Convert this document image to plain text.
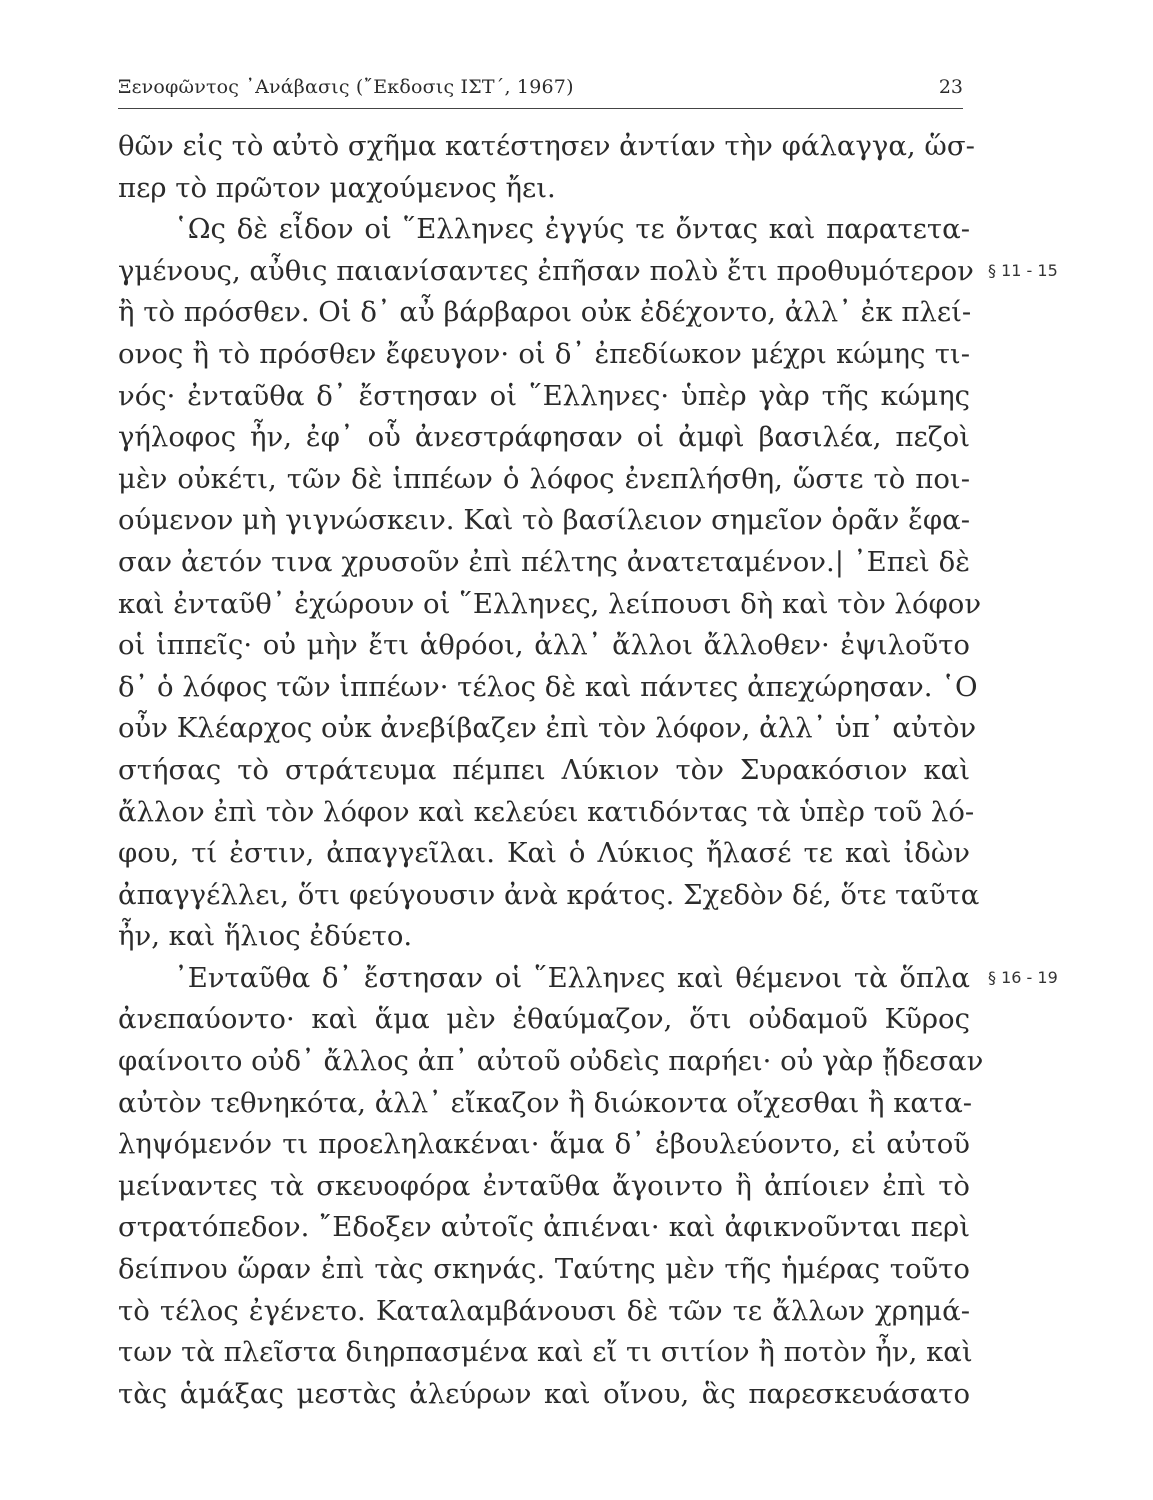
Ξενοφῶντος ᾿Ανάβασις (῎Εκδοσις ΙΣΤ΄, 1967)	23
§ 11 - 15
§ 16 - 19
θῶν εἰς τὸ αὐτὸ σχῆμα κατέστησεν ἀντίαν τὴν φάλαγγα, ὥσ-
περ τὸ πρῶτον μαχούμενος ἤει.
῾Ως δὲ εἶδον οἱ ῞Ελληνες ἐγγύς τε ὄντας καὶ παρατετα-
γμένους, αὖθις παιανίσαντες ἐπῆσαν πολὺ ἔτι προθυμότερον
ἢ τὸ πρόσθεν. Οἱ δ᾿ αὖ βάρβαροι οὐκ ἐδέχοντο, ἀλλ᾿ ἐκ πλεί-
ονος ἢ τὸ πρόσθεν ἔφευγον· οἱ δ᾿ ἐπεδίωκον μέχρι κώμης τι-
νός· ἐνταῦθα δ᾿ ἔστησαν οἱ ῞Ελληνες· ὑπὲρ γὰρ τῆς κώμης
γήλοφος ἦν, ἐφ᾿ οὗ ἀνεστράφησαν οἱ ἀμφὶ βασιλέα, πεζοὶ
μὲν οὐκέτι, τῶν δὲ ἱππέων ὁ λόφος ἐνεπλήσθη, ὥστε τὸ ποι-
ούμενον μὴ γιγνώσκειν. Καὶ τὸ βασίλειον σημεῖον ὁρᾶν ἔφα-
σαν ἀετόν τινα χρυσοῦν ἐπὶ πέλτης ἀνατεταμένον.| ᾿Επεὶ δὲ
καὶ ἐνταῦθ᾿ ἐχώρουν οἱ ῞Ελληνες, λείπουσι δὴ καὶ τὸν λόφον
οἱ ἱππεῖς· οὐ μὴν ἔτι ἁθρόοι, ἀλλ᾿ ἄλλοι ἄλλοθεν· ἐψιλοῦτο
δ᾿ ὁ λόφος τῶν ἱππέων· τέλος δὲ καὶ πάντες ἀπεχώρησαν. ῾Ο
οὖν Κλέαρχος οὐκ ἀνεβίβαζεν ἐπὶ τὸν λόφον, ἀλλ᾿ ὑπ᾿ αὐτὸν
στήσας τὸ στράτευμα πέμπει Λύκιον τὸν Συρακόσιον καὶ
ἄλλον ἐπὶ τὸν λόφον καὶ κελεύει κατιδόντας τὰ ὑπὲρ τοῦ λό-
φου, τί ἐστιν, ἀπαγγεῖλαι. Καὶ ὁ Λύκιος ἤλασέ τε καὶ ἰδὼν
ἀπαγγέλλει, ὅτι φεύγουσιν ἀνὰ κράτος. Σχεδὸν δέ, ὅτε ταῦτα
ἦν, καὶ ἥλιος ἐδύετο.
᾿Ενταῦθα δ᾿ ἔστησαν οἱ ῞Ελληνες καὶ θέμενοι τὰ ὅπλα
ἀνεπαύοντο· καὶ ἅμα μὲν ἐθαύμαζον, ὅτι οὐδαμοῦ Κῦρος
φαίνοιτο οὐδ᾿ ἄλλος ἀπ᾿ αὐτοῦ οὐδεὶς παρήει· οὐ γὰρ ᾔδεσαν
αὐτὸν τεθνηκότα, ἀλλ᾿ εἴκαζον ἢ διώκοντα οἴχεσθαι ἢ κατα-
ληψόμενόν τι προεληλακέναι· ἅμα δ᾿ ἐβουλεύοντο, εἰ αὐτοῦ
μείναντες τὰ σκευοφόρα ἐνταῦθα ἄγοιντο ἢ ἀπίοιεν ἐπὶ τὸ
στρατόπεδον. ῎Εδοξεν αὐτοῖς ἀπιέναι· καὶ ἀφικνοῦνται περὶ
δείπνου ὥραν ἐπὶ τὰς σκηνάς. Ταύτης μὲν τῆς ἡμέρας τοῦτο
τὸ τέλος ἐγένετο. Καταλαμβάνουσι δὲ τῶν τε ἄλλων χρημά-
των τὰ πλεῖστα διηρπασμένα καὶ εἴ τι σιτίον ἢ ποτὸν ἦν, καὶ
τὰς ἁμάξας μεστὰς ἀλεύρων καὶ οἴνου, ἃς παρεσκευάσατο
